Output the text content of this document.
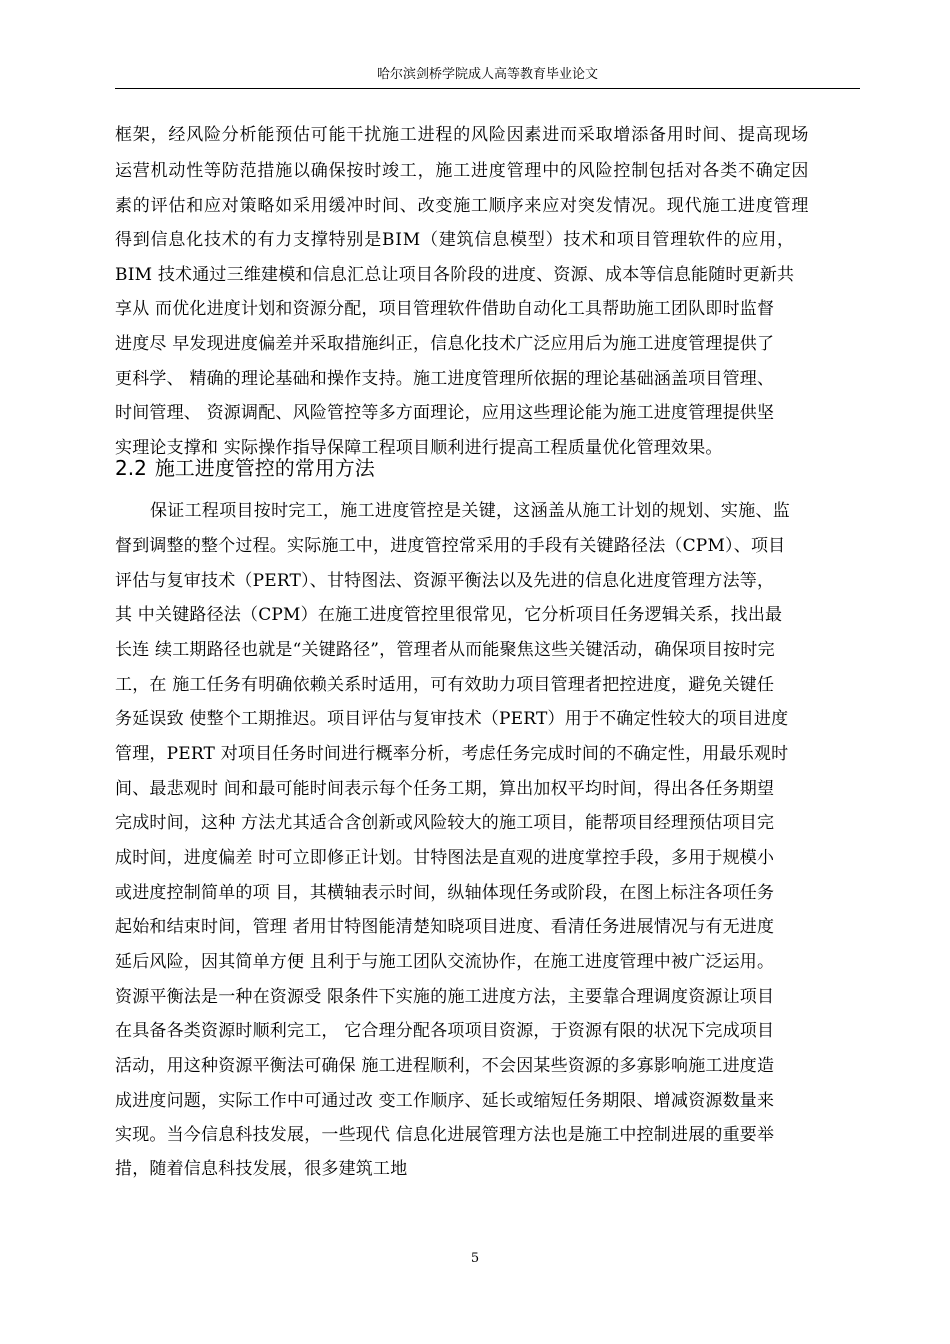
哈尔滨剑桥学院成人高等教育毕业论文
框架，经风险分析能预估可能干扰施工进程的风险因素进而采取增添备用时间、提高现场
运营机动性等防范措施以确保按时竣工，施工进度管理中的风险控制包括对各类不确定因
素的评估和应对策略如采用缓冲时间、改变施工顺序来应对突发情况。现代施工进度管理
得到信息化技术的有力支撑特别是BIM（建筑信息模型）技术和项目管理软件的应用，
BIM 技术通过三维建模和信息汇总让项目各阶段的进度、资源、成本等信息能随时更新共
享从 而优化进度计划和资源分配，项目管理软件借助自动化工具帮助施工团队即时监督
进度尽 早发现进度偏差并采取措施纠正，信息化技术广泛应用后为施工进度管理提供了
更科学、 精确的理论基础和操作支持。施工进度管理所依据的理论基础涵盖项目管理、
时间管理、 资源调配、风险管控等多方面理论，应用这些理论能为施工进度管理提供坚
实理论支撑和 实际操作指导保障工程项目顺利进行提高工程质量优化管理效果。
2.2 施工进度管控的常用方法
保证工程项目按时完工，施工进度管控是关键，这涵盖从施工计划的规划、实施、监
督到调整的整个过程。实际施工中，进度管控常采用的手段有关键路径法（CPM）、项目
评估与复审技术（PERT）、甘特图法、资源平衡法以及先进的信息化进度管理方法等，
其 中关键路径法（CPM）在施工进度管控里很常见，它分析项目任务逻辑关系，找出最
长连 续工期路径也就是“关键路径”，管理者从而能聚焦这些关键活动，确保项目按时完
工，在 施工任务有明确依赖关系时适用，可有效助力项目管理者把控进度，避免关键任
务延误致 使整个工期推迟。项目评估与复审技术（PERT）用于不确定性较大的项目进度
管理，PERT 对项目任务时间进行概率分析，考虑任务完成时间的不确定性，用最乐观时
间、最悲观时 间和最可能时间表示每个任务工期，算出加权平均时间，得出各任务期望
完成时间，这种 方法尤其适合含创新或风险较大的施工项目，能帮项目经理预估项目完
成时间，进度偏差 时可立即修正计划。甘特图法是直观的进度掌控手段，多用于规模小
或进度控制简单的项 目，其横轴表示时间，纵轴体现任务或阶段，在图上标注各项任务
起始和结束时间，管理 者用甘特图能清楚知晓项目进度、看清任务进展情况与有无进度
延后风险，因其简单方便 且利于与施工团队交流协作，在施工进度管理中被广泛运用。
资源平衡法是一种在资源受 限条件下实施的施工进度方法，主要靠合理调度资源让项目
在具备各类资源时顺利完工， 它合理分配各项项目资源，于资源有限的状况下完成项目
活动，用这种资源平衡法可确保 施工进程顺利，不会因某些资源的多寡影响施工进度造
成进度问题，实际工作中可通过改 变工作顺序、延长或缩短任务期限、增减资源数量来
实现。当今信息科技发展，一些现代 信息化进展管理方法也是施工中控制进展的重要举
措，随着信息科技发展，很多建筑工地
5
